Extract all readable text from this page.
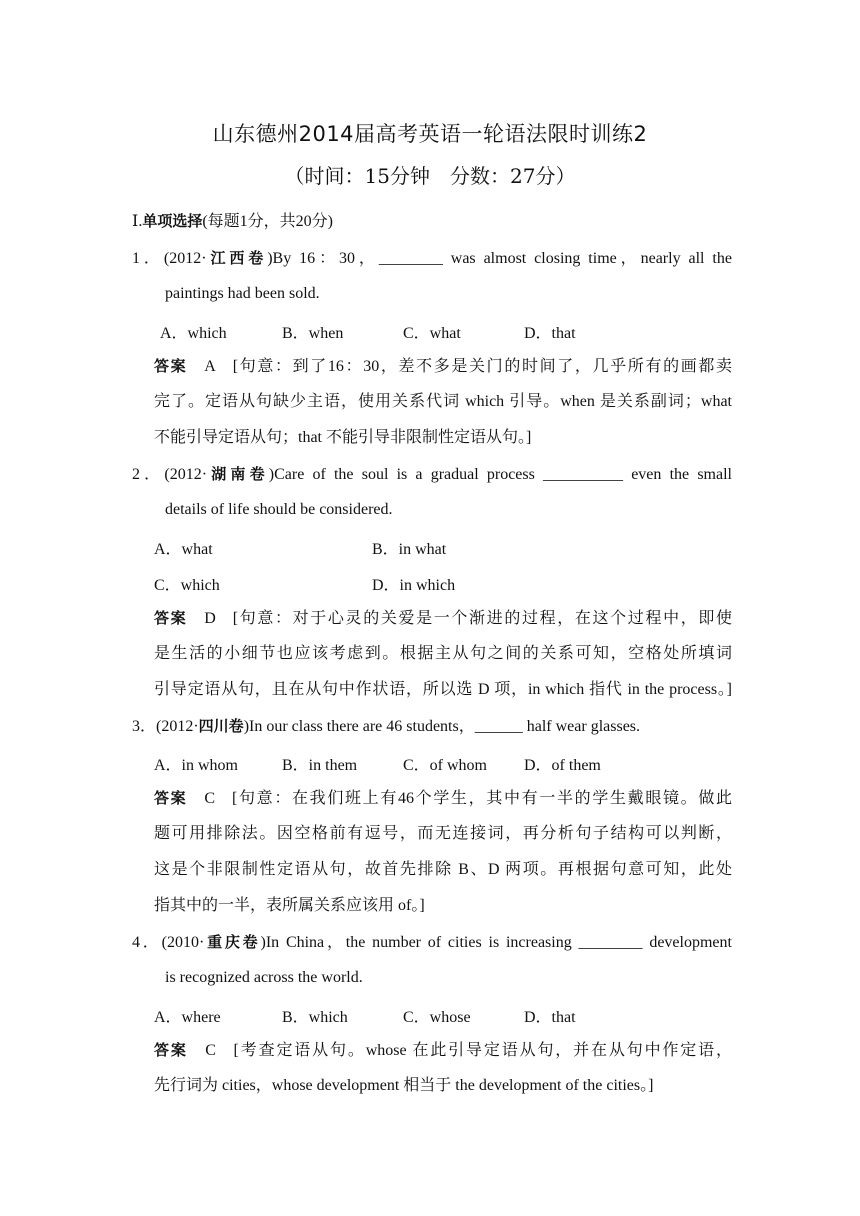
山东德州2014届高考英语一轮语法限时训练2
（时间：15分钟　分数：27分）
Ⅰ.单项选择(每题1分，共20分)
1．(2012·江西卷)By 16：30，________ was almost closing time，nearly all the
paintings had been sold.
A．which	B．when	C．what	D．that
答案 A [句意：到了16：30，差不多是关门的时间了，几乎所有的画都卖
完了。定语从句缺少主语，使用关系代词 which 引导。when 是关系副词；what
不能引导定语从句；that 不能引导非限制性定语从句。]
2．(2012·湖南卷)Care of the soul is a gradual process __________ even the small
details of life should be considered.
A．what	B．in what
C．which	D．in which
答案 D [句意：对于心灵的关爱是一个渐进的过程，在这个过程中，即使
是生活的小细节也应该考虑到。根据主从句之间的关系可知，空格处所填词
引导定语从句，且在从句中作状语，所以选 D 项，in which 指代 in the process。]
3．(2012·四川卷)In our class there are 46 students，______ half wear glasses.
A．in whom	B．in them	C．of whom D．of them
答案 C [句意：在我们班上有46个学生，其中有一半的学生戴眼镜。做此
题可用排除法。因空格前有逗号，而无连接词，再分析句子结构可以判断，
这是个非限制性定语从句，故首先排除 B、D 两项。再根据句意可知，此处
指其中的一半，表所属关系应该用 of。]
4．(2010·重庆卷)In China，the number of cities is increasing ________ development
is recognized across the world.
A．where	B．which	C．whose	D．that
答案 C [考查定语从句。whose 在此引导定语从句，并在从句中作定语，
先行词为 cities，whose development 相当于 the development of the cities。]
